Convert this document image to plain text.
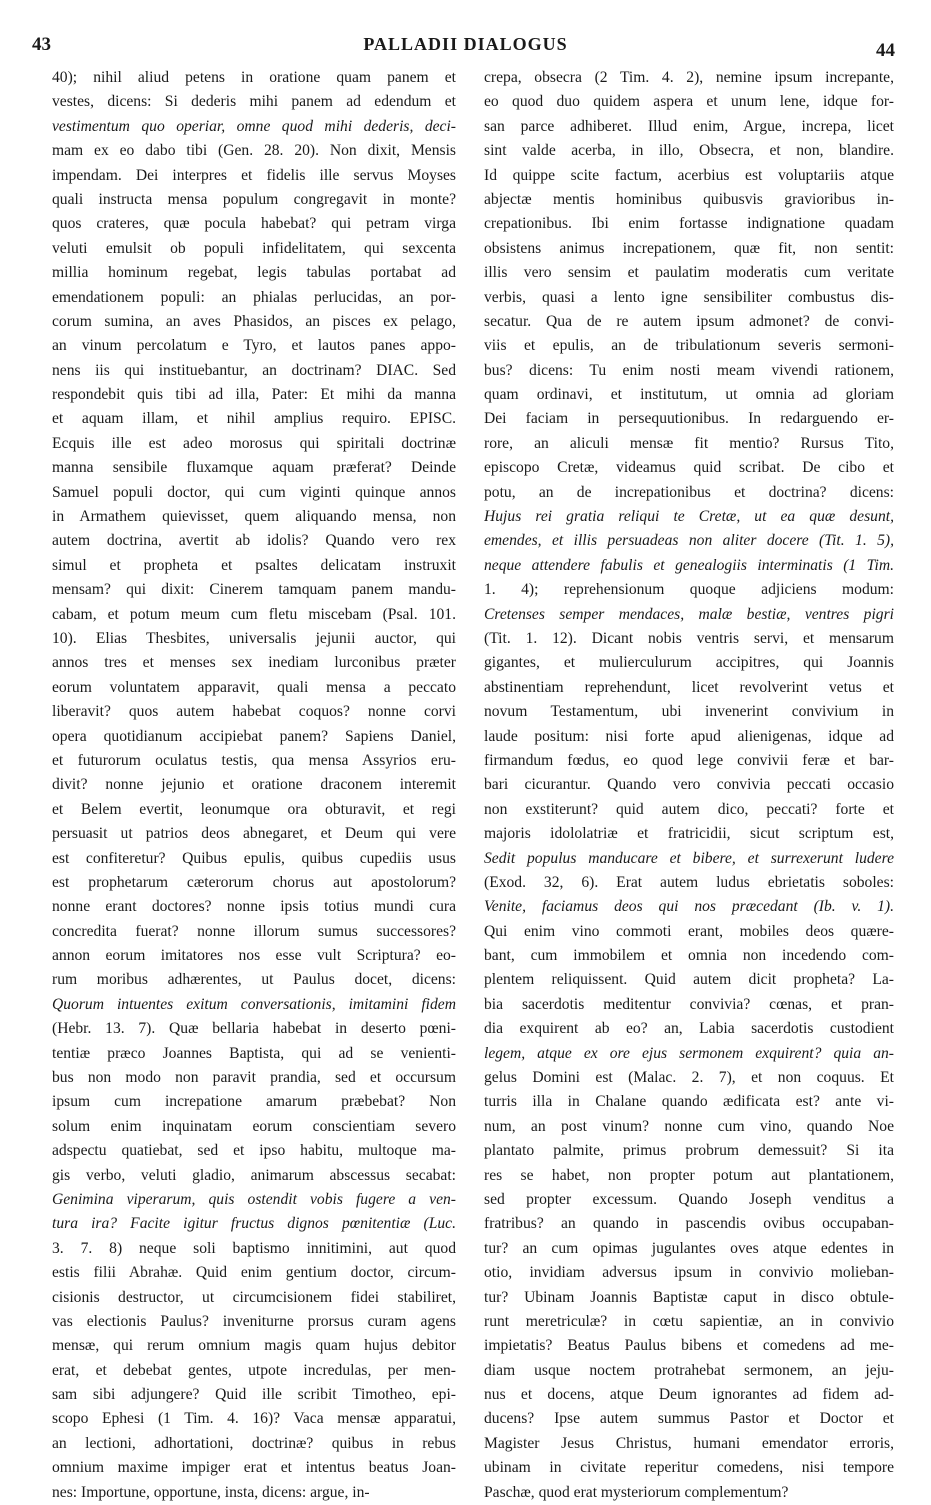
43	PALLADII DIALOGUS	44
40); nihil aliud petens in oratione quam panem et
vestes, dicens: Si dederis mihi panem ad edendum et
vestimentum quo operiar, omne quod mihi dederis, deci-
mam ex eo dabo tibi (Gen. 28. 20). Non dixit, Mensis
impendam. Dei interpres et fidelis ille servus Moyses
quali instructa mensa populum congregavit in monte?
quos crateres, quæ pocula habebat? qui petram virga
veluti emulsit ob populi infidelitatem, qui sexcenta
millia hominum regebat, legis tabulas portabat ad
emendationem populi: an phialas perlucidas, an por-
corum sumina, an aves Phasidos, an pisces ex pelago,
an vinum percolatum e Tyro, et lautos panes appo-
nens iis qui instituebantur, an doctrinam? DIAC. Sed
respondebit quis tibi ad illa, Pater: Et mihi da manna
et aquam illam, et nihil amplius requiro. EPISC.
Ecquis ille est adeo morosus qui spiritali doctrinæ
manna sensibile fluxamque aquam præferat? Deinde
Samuel populi doctor, qui cum viginti quinque annos
in Armathem quievisset, quem aliquando mensa, non
autem doctrina, avertit ab idolis? Quando vero rex
simul et propheta et psaltes delicatam instruxit
mensam? qui dixit: Cinerem tamquam panem mandu-
cabam, et potum meum cum fletu miscebam (Psal. 101.
10). Elias Thesbites, universalis jejunii auctor, qui
annos tres et menses sex inediam lurconibus præter
eorum voluntatem apparavit, quali mensa a peccato
liberavit? quos autem habebat coquos? nonne corvi
opera quotidianum accipiebat panem? Sapiens Daniel,
et futurorum oculatus testis, qua mensa Assyrios eru-
divit? nonne jejunio et oratione draconem interemit
et Belem evertit, leonumque ora obturavit, et regi
persuasit ut patrios deos abnegaret, et Deum qui vere
est confiteretur? Quibus epulis, quibus cupediis usus
est prophetarum cæterorum chorus aut apostolorum?
nonne erant doctores? nonne ipsis totius mundi cura
concredita fuerat? nonne illorum sumus successores?
annon eorum imitatores nos esse vult Scriptura? eo-
rum moribus adhærentes, ut Paulus docet, dicens:
Quorum intuentes exitum conversationis, imitamini fidem
(Hebr. 13. 7). Quæ bellaria habebat in deserto pœni-
tentiæ præco Joannes Baptista, qui ad se venienti-
bus non modo non paravit prandia, sed et occursum
ipsum cum increpatione amarum præbebat? Non
solum enim inquinatam eorum conscientiam severo
adspectu quatiebat, sed et ipso habitu, multoque ma-
gis verbo, veluti gladio, animarum abscessus secabat:
Genimina viperarum, quis ostendit vobis fugere a ven-
tura ira? Facite igitur fructus dignos pœnitentiæ (Luc.
3. 7. 8) neque soli baptismo innitimini, aut quod
estis filii Abrahæ. Quid enim gentium doctor, circum-
cisionis destructor, ut circumcisionem fidei stabiliret,
vas electionis Paulus? inveniturne prorsus curam agens
mensæ, qui rerum omnium magis quam hujus debitor
erat, et debebat gentes, utpote incredulas, per men-
sam sibi adjungere? Quid ille scribit Timotheo, epi-
scopo Ephesi (1 Tim. 4. 16)? Vaca mensæ apparatui,
an lectioni, adhortationi, doctrinæ? quibus in rebus
omnium maxime impiger erat et intentus beatus Joan-
nes: Importune, opportune, insta, dicens: argue, in-
crepa, obsecra (2 Tim. 4. 2), nemine ipsum increpante,
eo quod duo quidem aspera et unum lene, idque for-
san parce adhiberet. Illud enim, Argue, increpa, licet
sint valde acerba, in illo, Obsecra, et non, blandire.
Id quippe scite factum, acerbius est voluptariis atque
abjectæ mentis hominibus quibusvis gravioribus in-
crepationibus. Ibi enim fortasse indignatione quadam
obsistens animus increpationem, quæ fit, non sentit:
illis vero sensim et paulatim moderatis cum veritate
verbis, quasi a lento igne sensibiliter combustus dis-
secatur. Qua de re autem ipsum admonet? de convi-
viis et epulis, an de tribulationum severis sermoni-
bus? dicens: Tu enim nosti meam vivendi rationem,
quam ordinavi, et institutum, ut omnia ad gloriam
Dei faciam in persequutionibus. In redarguendo er-
rore, an aliculi mensæ fit mentio? Rursus Tito,
episcopo Cretæ, videamus quid scribat. De cibo et
potu, an de increpationibus et doctrina? dicens:
Hujus rei gratia reliqui te Cretæ, ut ea quæ desunt,
emendes, et illis persuadeas non aliter docere (Tit. 1. 5),
neque attendere fabulis et genealogiis interminatis (1 Tim.
1. 4); reprehensionum quoque adjiciens modum:
Cretenses semper mendaces, malæ bestiæ, ventres pigri
(Tit. 1. 12). Dicant nobis ventris servi, et mensarum
gigantes, et mulierculurum accipitres, qui Joannis
abstinentiam reprehendunt, licet revolverint vetus et
novum Testamentum, ubi invenerint convivium in
laude positum: nisi forte apud alienigenas, idque ad
firmandum fœdus, eo quod lege convivii feræ et bar-
bari cicurantur. Quando vero convivia peccati occasio
non exstiterunt? quid autem dico, peccati? forte et
majoris idololatriæ et fratricidii, sicut scriptum est,
Sedit populus manducare et bibere, et surrexerunt ludere
(Exod. 32, 6). Erat autem ludus ebrietatis soboles:
Venite, faciamus deos qui nos præcedant (Ib. v. 1).
Qui enim vino commoti erant, mobiles deos quære-
bant, cum immobilem et omnia non incedendo com-
plentem reliquissent. Quid autem dicit propheta? La-
bia sacerdotis meditentur convivia? cœnas, et pran-
dia exquirent ab eo? an, Labia sacerdotis custodient
legem, atque ex ore ejus sermonem exquirent? quia an-
gelus Domini est (Malac. 2. 7), et non coquus. Et
turris illa in Chalane quando ædificata est? ante vi-
num, an post vinum? nonne cum vino, quando Noe
plantato palmite, primus probrum demessuit? Si ita
res se habet, non propter potum aut plantationem,
sed propter excessum. Quando Joseph venditus a
fratribus? an quando in pascendis ovibus occupaban-
tur? an cum opimas jugulantes oves atque edentes in
otio, invidiam adversus ipsum in convivio molieban-
tur? Ubinam Joannis Baptistæ caput in disco obtule-
runt meretriculæ? in cœtu sapientiæ, an in convivio
impietatis? Beatus Paulus bibens et comedens ad me-
diam usque noctem protrahebat sermonem, an jeju-
nus et docens, atque Deum ignorantes ad fidem ad-
ducens? Ipse autem summus Pastor et Doctor et
Magister Jesus Christus, humani emendator erroris,
ubinam in civitate reperitur comedens, nisi tempore
Paschæ, quod erat mysteriorum complementum?
